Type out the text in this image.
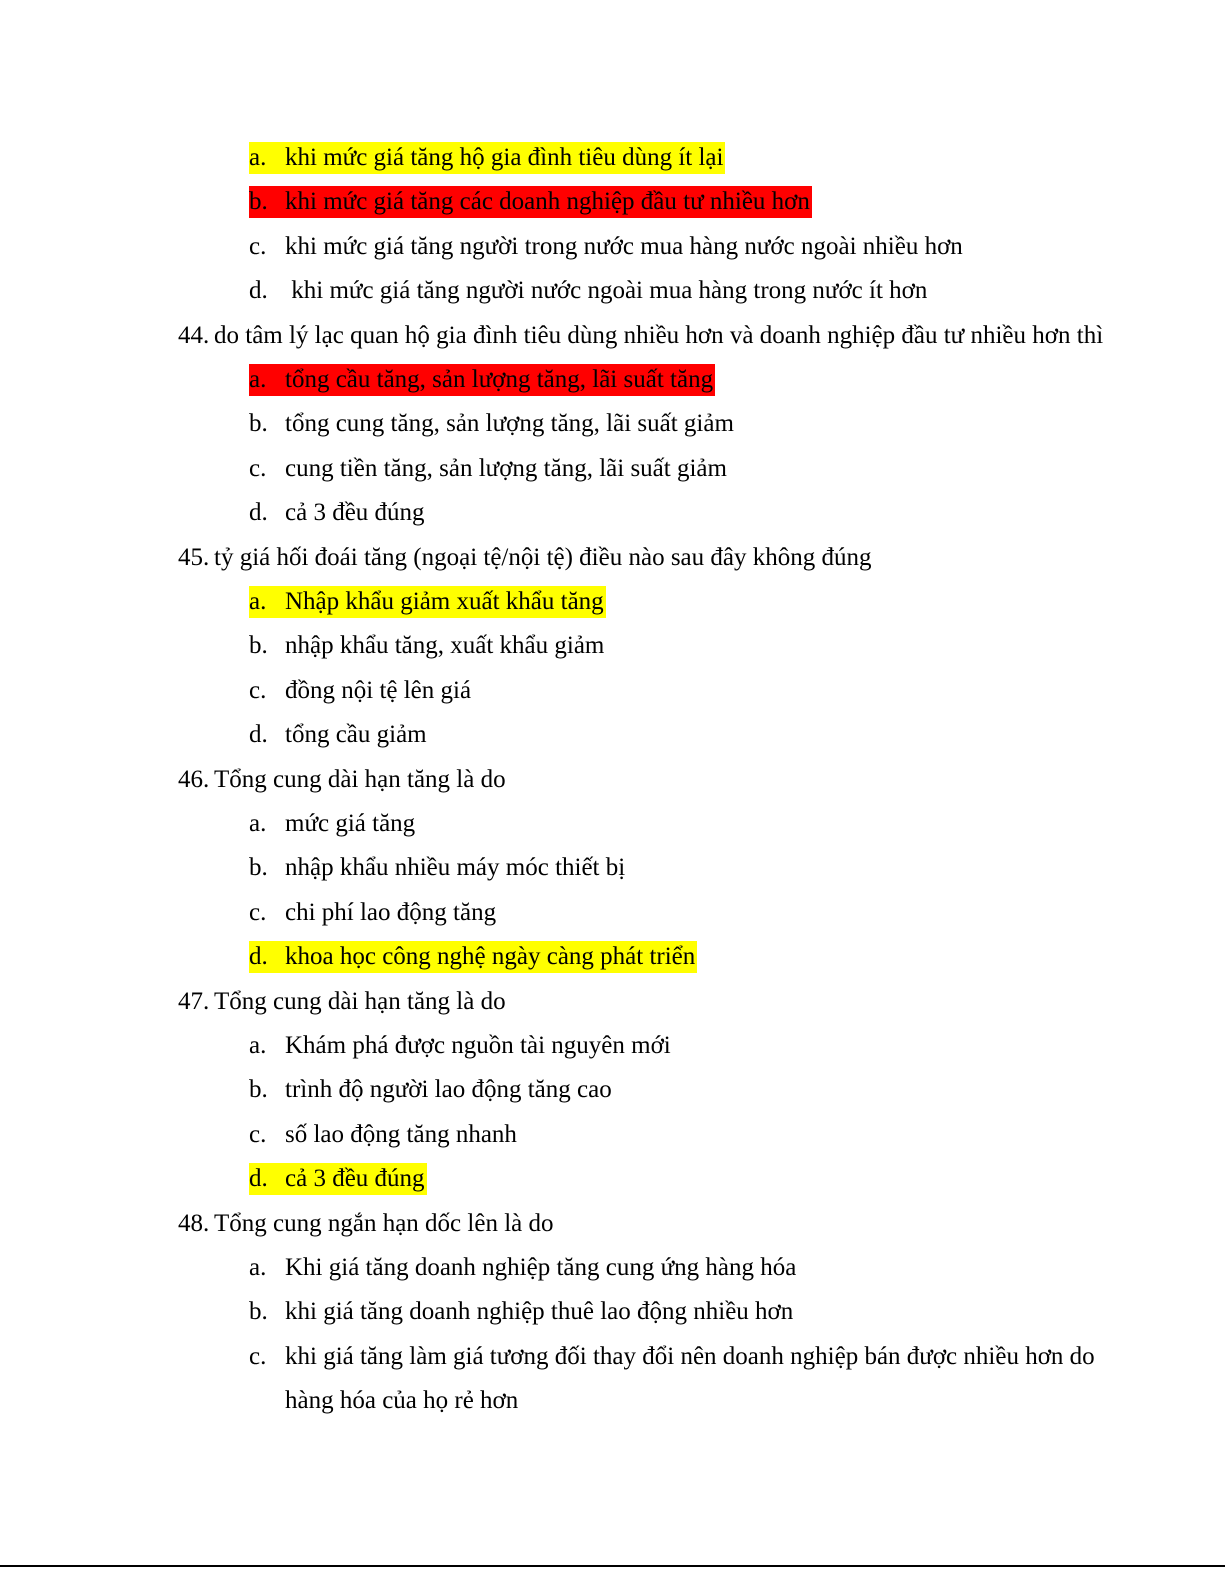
a. khi mức giá tăng hộ gia đình tiêu dùng ít lại
b. khi mức giá tăng các doanh nghiệp đầu tư nhiều hơn
c. khi mức giá tăng người trong nước mua hàng nước ngoài nhiều hơn
d. khi mức giá tăng người nước ngoài mua hàng trong nước ít hơn
44. do tâm lý lạc quan hộ gia đình tiêu dùng nhiều hơn và doanh nghiệp đầu tư nhiều hơn thì
a. tổng cầu tăng, sản lượng tăng, lãi suất tăng
b. tổng cung tăng, sản lượng tăng, lãi suất giảm
c. cung tiền tăng, sản lượng tăng, lãi suất giảm
d. cả 3 đều đúng
45. tỷ giá hối đoái tăng (ngoại tệ/nội tệ) điều nào sau đây không đúng
a. Nhập khẩu giảm xuất khẩu tăng
b. nhập khẩu tăng, xuất khẩu giảm
c. đồng nội tệ lên giá
d. tổng cầu giảm
46. Tổng cung dài hạn tăng là do
a. mức giá tăng
b. nhập khẩu nhiều máy móc thiết bị
c. chi phí lao động tăng
d. khoa học công nghệ ngày càng phát triển
47. Tổng cung dài hạn tăng là do
a. Khám phá được nguồn tài nguyên mới
b. trình độ người lao động tăng cao
c. số lao động tăng nhanh
d. cả 3 đều đúng
48. Tổng cung ngắn hạn dốc lên là do
a. Khi giá tăng doanh nghiệp tăng cung ứng hàng hóa
b. khi giá tăng doanh nghiệp thuê lao động nhiều hơn
c. khi giá tăng làm giá tương đối thay đổi nên doanh nghiệp bán được nhiều hơn do
hàng hóa của họ rẻ hơn
